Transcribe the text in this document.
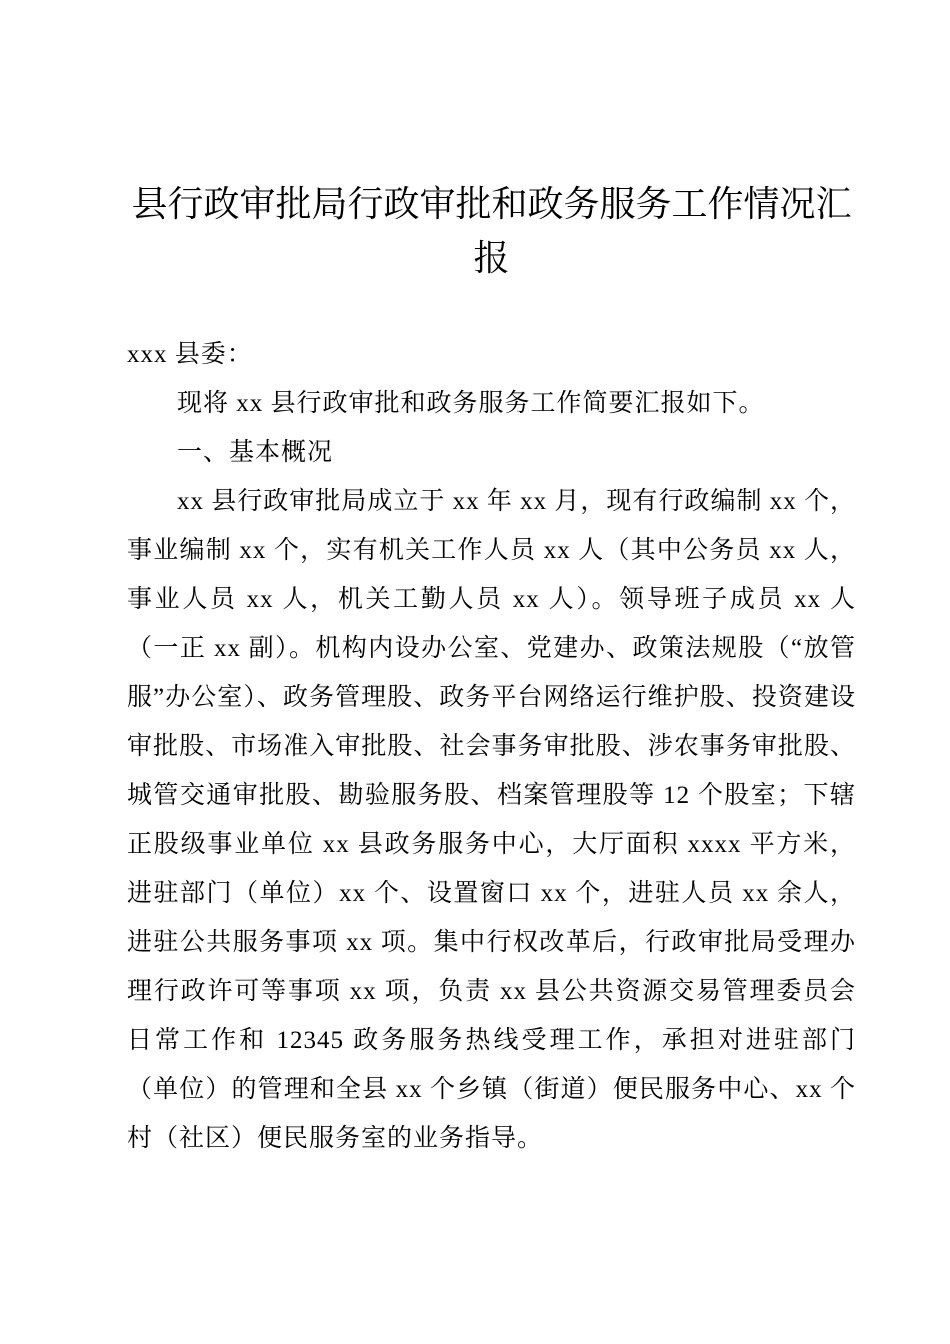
县行政审批局行政审批和政务服务工作情况汇报

xxx 县委：

现将 xx 县行政审批和政务服务工作简要汇报如下。

一、基本概况

xx 县行政审批局成立于 xx 年 xx 月，现有行政编制 xx 个，事业编制 xx 个，实有机关工作人员 xx 人（其中公务员 xx 人，事业人员 xx 人，机关工勤人员 xx 人）。领导班子成员 xx 人（一正 xx 副）。机构内设办公室、党建办、政策法规股（“放管服”办公室）、政务管理股、政务平台网络运行维护股、投资建设审批股、市场准入审批股、社会事务审批股、涉农事务审批股、城管交通审批股、勘验服务股、档案管理股等 12 个股室；下辖正股级事业单位 xx 县政务服务中心，大厅面积 xxxx 平方米，进驻部门（单位）xx 个、设置窗口 xx 个，进驻人员 xx 余人，进驻公共服务事项 xx 项。集中行权改革后，行政审批局受理办理行政许可等事项 xx 项，负责 xx 县公共资源交易管理委员会日常工作和 12345 政务服务热线受理工作，承担对进驻部门（单位）的管理和全县 xx 个乡镇（街道）便民服务中心、xx 个村（社区）便民服务室的业务指导。
